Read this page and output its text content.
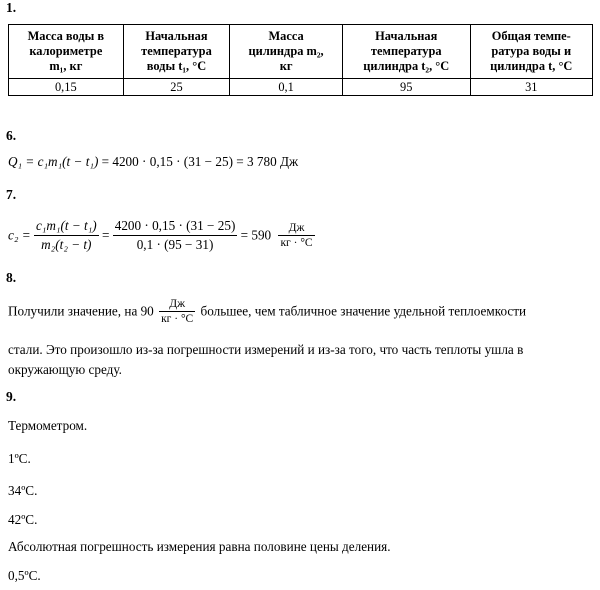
1.
Масса воды в
калориметре
m₁, кг	Начальная
температура
воды t₁, °C	Масса
цилиндра m₂,
кг	Начальная
температура
цилиндра t₂, °C	Общая темпе-
ратура воды и
цилиндра t, °C
0,15	25	0,1	95	31
6.
Q₁ = c₁m₁(t − t₁) = 4200 · 0,15 · (31 − 25) = 3 780 Дж
7.
$c_2 = \frac{\text{c₁m₁(t − t₁)}}{\text{m₂(t₂ − t)}} = \frac{4200 \cdot 0,15 \cdot (31 - 25)}{0,1 \cdot (95 - 31)} = 590$	Дж
кг · °C
8.
Получили значение, на 90	Дж
кг · °C
большее, чем табличное значение удельной теплоемкости
стали. Это произошло из-за погрешности измерений и из-за того, что часть теплоты ушла в
окружающую среду.
9.
Термометром.
1ºC.
34ºC.
42ºC.
Абсолютная погрешность измерения равна половине цены деления.
0,5ºC.
